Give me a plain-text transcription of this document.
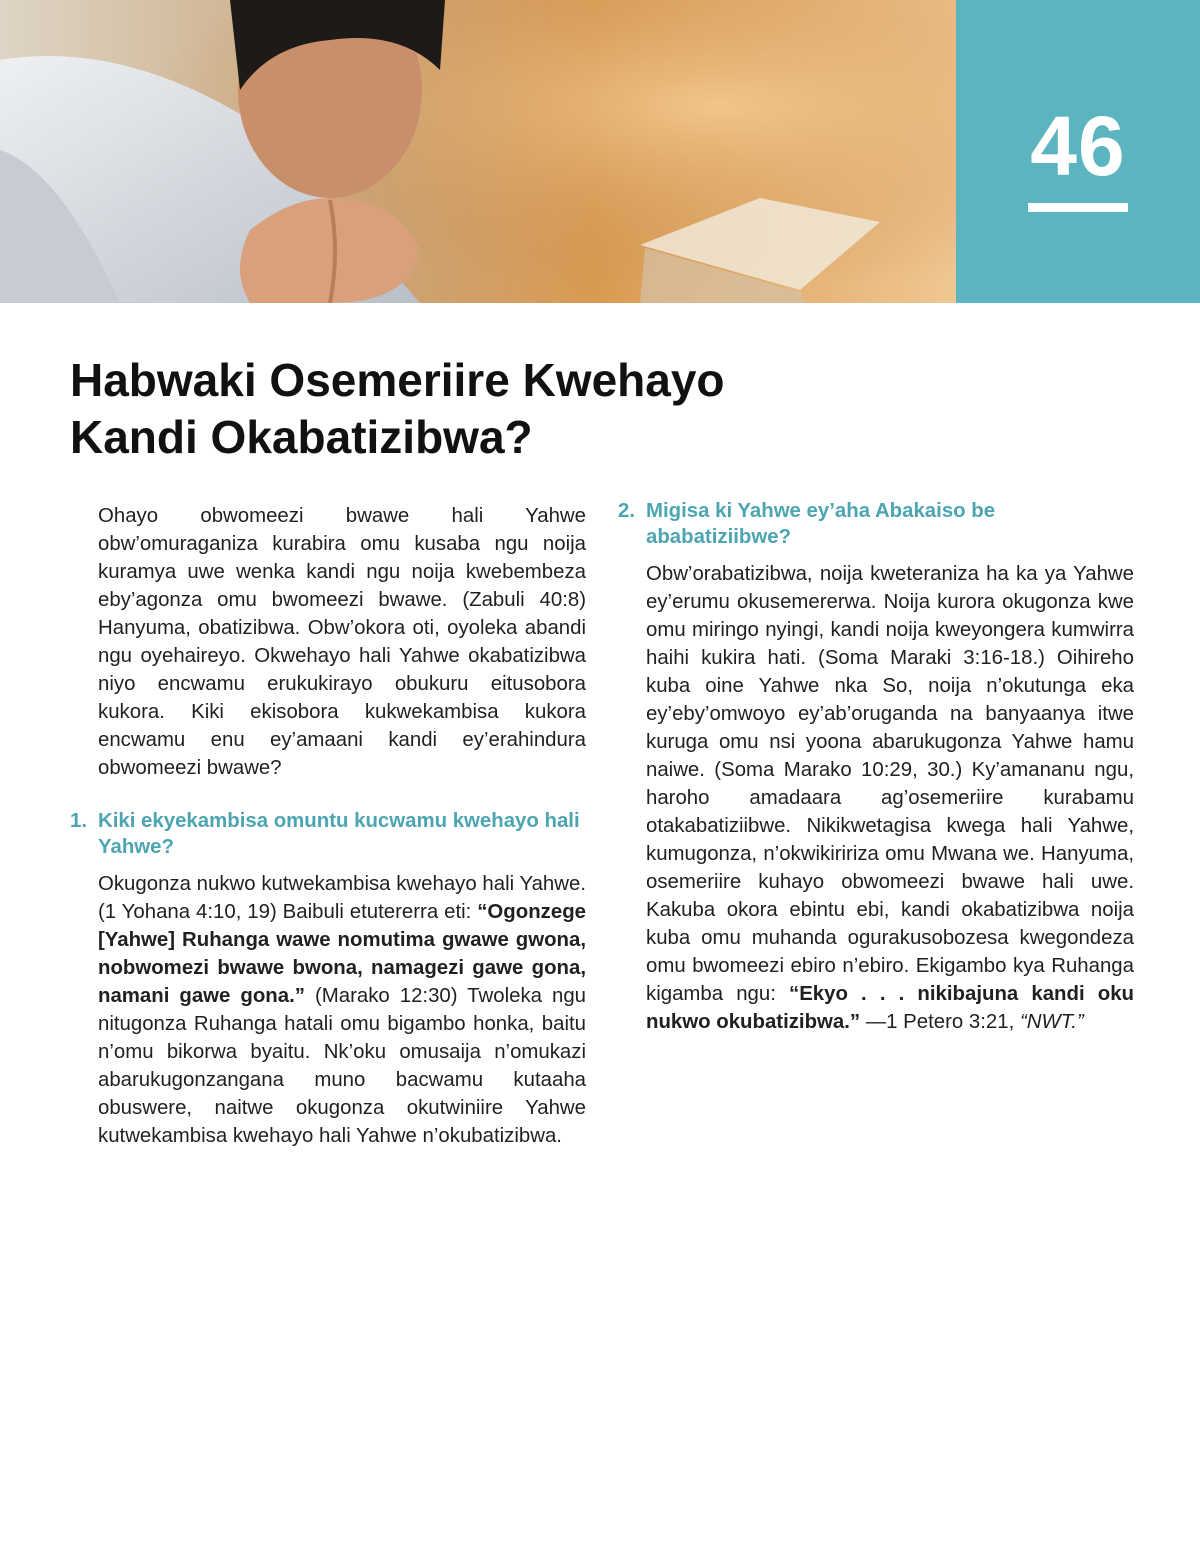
46
Habwaki Osemeriire Kwehayo
Kandi Okabatizibwa?

Ohayo obwomeezi bwawe hali Yahwe obw’omuraganiza kurabira omu kusaba ngu noija kuramya uwe wenka kandi ngu noija kwebembeza eby’agonza omu bwomeezi bwawe. (Zabuli 40:8) Hanyuma, obatizibwa. Obw’okora oti, oyoleka abandi ngu oyehaireyo. Okwehayo hali Yahwe okabatizibwa niyo encwamu erukukirayo obukuru eitusobora kukora. Kiki ekisobora kukwekambisa kukora encwamu enu ey’amaani kandi ey’erahindura obwomeezi bwawe?

1. Kiki ekyekambisa omuntu kucwamu kwehayo hali Yahwe?

Okugonza nukwo kutwekambisa kwehayo hali Yahwe. (1 Yohana 4:10, 19) Baibuli etutererra eti: “Ogonzege [Yahwe] Ruhanga wawe nomutima gwawe gwona, nobwomezi bwawe bwona, namagezi gawe gona, namani gawe gona.” (Marako 12:30) Twoleka ngu nitugonza Ruhanga hatali omu bigambo honka, baitu n’omu bikorwa byaitu. Nk’oku omusaija n’omukazi abarukugonzangana muno bacwamu kutaaha obuswere, naitwe okugonza okutwiniire Yahwe kutwekambisa kwehayo hali Yahwe n’okubatizibwa.

2. Migisa ki Yahwe ey’aha Abakaiso be ababatiziibwe?

Obw’orabatizibwa, noija kweteraniza ha ka ya Yahwe ey’erumu okusemererwa. Noija kurora okugonza kwe omu miringo nyingi, kandi noija kweyongera kumwirra haihi kukira hati. (Soma Maraki 3:16-18.) Oihireho kuba oine Yahwe nka So, noija n’okutunga eka ey’eby’omwoyo ey’ab’oruganda na banyaanya itwe kuruga omu nsi yoona abarukugonza Yahwe hamu naiwe. (Soma Marako 10:29, 30.) Ky’amananu ngu, haroho amadaara ag’osemeriire kurabamu otakabatiziibwe. Nikikwetagisa kwega hali Yahwe, kumugonza, n’okwikiririza omu Mwana we. Hanyuma, osemeriire kuhayo obwomeezi bwawe hali uwe. Kakuba okora ebintu ebi, kandi okabatizibwa noija kuba omu muhanda ogurakusobozesa kwegondeza omu bwomeezi ebiro n’ebiro. Ekigambo kya Ruhanga kigamba ngu: “Ekyo . . . nikibajuna kandi oku nukwo okubatizibwa.” —1 Petero 3:21, “NWT.”
